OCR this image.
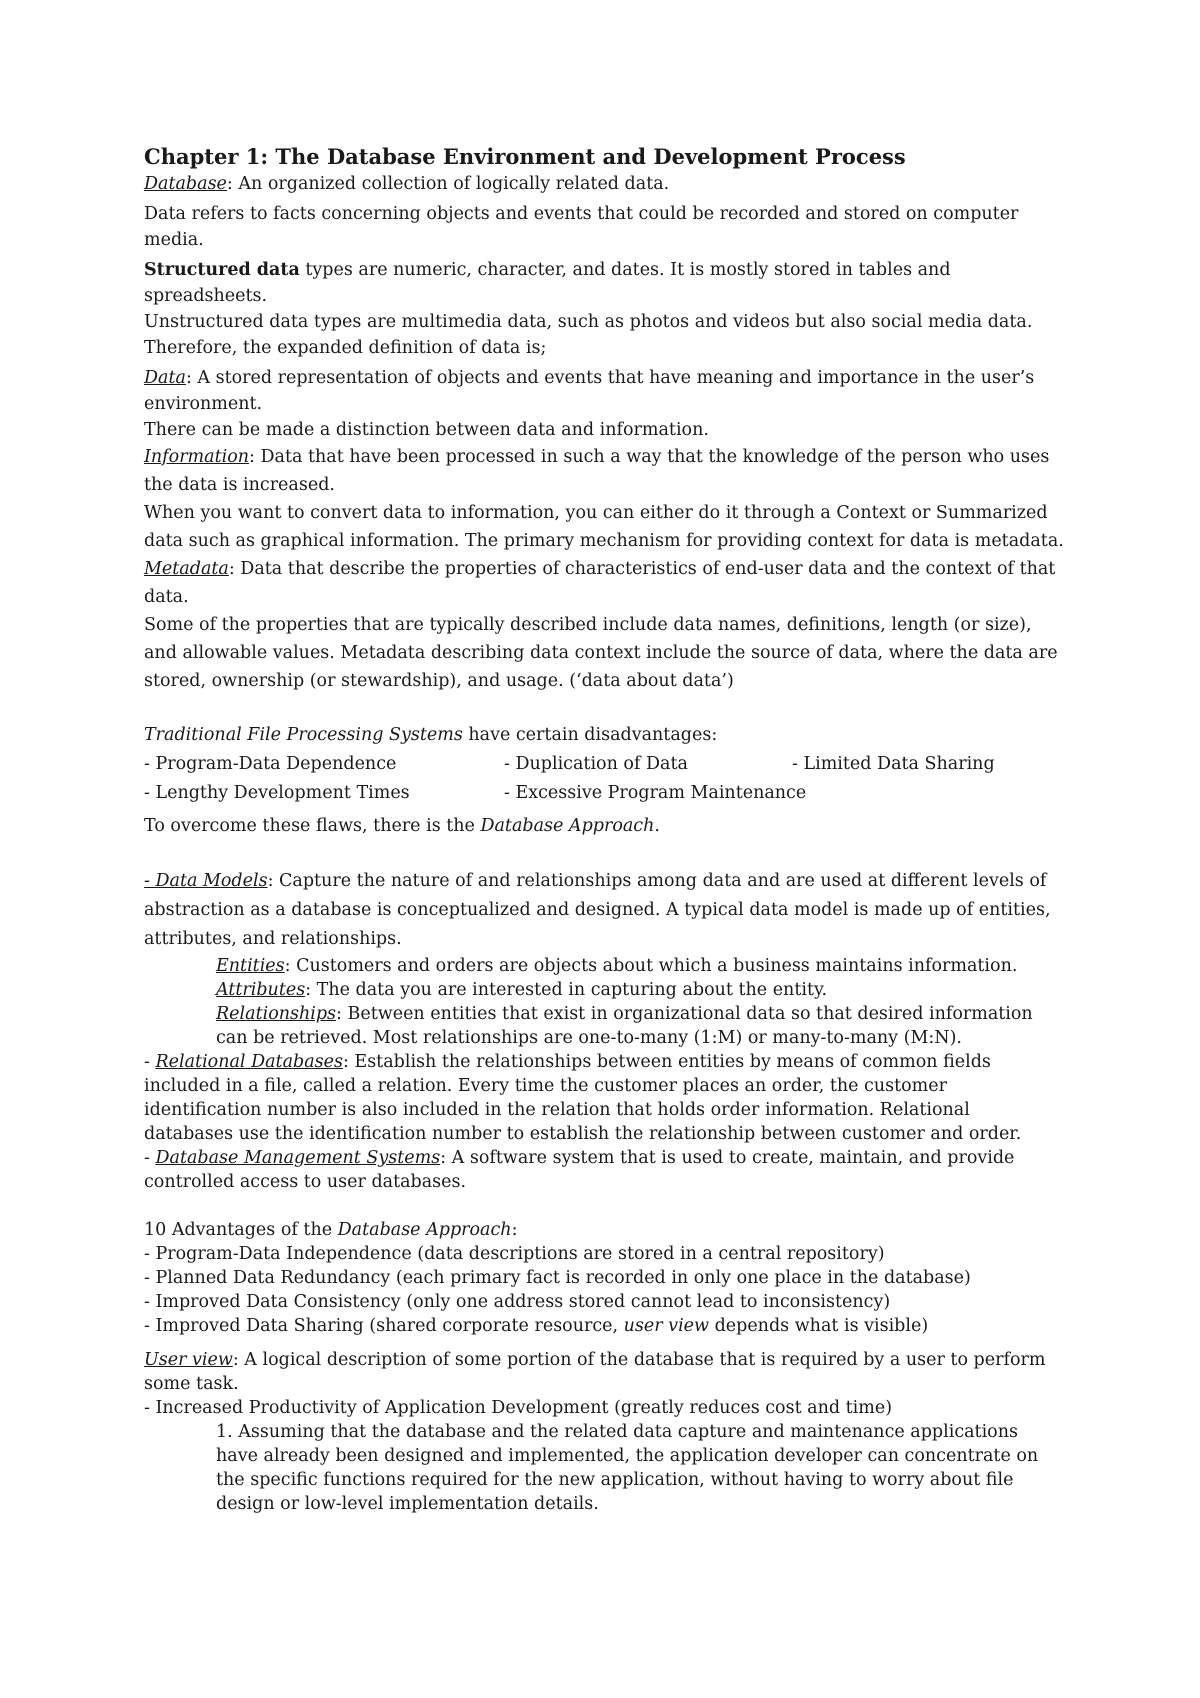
Chapter 1: The Database Environment and Development Process

Database: An organized collection of logically related data.

Data refers to facts concerning objects and events that could be recorded and stored on computer media.

Structured data types are numeric, character, and dates. It is mostly stored in tables and spreadsheets.

Unstructured data types are multimedia data, such as photos and videos but also social media data.

Therefore, the expanded definition of data is;

Data: A stored representation of objects and events that have meaning and importance in the user’s environment.

There can be made a distinction between data and information.

Information: Data that have been processed in such a way that the knowledge of the person who uses the data is increased.

When you want to convert data to information, you can either do it through a Context or Summarized data such as graphical information. The primary mechanism for providing context for data is metadata.

Metadata: Data that describe the properties of characteristics of end-user data and the context of that data.

Some of the properties that are typically described include data names, definitions, length (or size), and allowable values. Metadata describing data context include the source of data, where the data are stored, ownership (or stewardship), and usage. (‘data about data’)

Traditional File Processing Systems have certain disadvantages:

- Program-Data Dependence	- Duplication of Data	- Limited Data Sharing
- Lengthy Development Times	- Excessive Program Maintenance

To overcome these flaws, there is the Database Approach.

- Data Models: Capture the nature of and relationships among data and are used at different levels of abstraction as a database is conceptualized and designed. A typical data model is made up of entities, attributes, and relationships.

Entities: Customers and orders are objects about which a business maintains information.

Attributes: The data you are interested in capturing about the entity.

Relationships: Between entities that exist in organizational data so that desired information can be retrieved. Most relationships are one-to-many (1:M) or many-to-many (M:N).

- Relational Databases: Establish the relationships between entities by means of common fields included in a file, called a relation. Every time the customer places an order, the customer identification number is also included in the relation that holds order information. Relational databases use the identification number to establish the relationship between customer and order.

- Database Management Systems: A software system that is used to create, maintain, and provide controlled access to user databases.

10 Advantages of the Database Approach:

- Program-Data Independence (data descriptions are stored in a central repository)

- Planned Data Redundancy (each primary fact is recorded in only one place in the database)

- Improved Data Consistency (only one address stored cannot lead to inconsistency)

- Improved Data Sharing (shared corporate resource, user view depends what is visible)

User view: A logical description of some portion of the database that is required by a user to perform some task.

- Increased Productivity of Application Development (greatly reduces cost and time)

1. Assuming that the database and the related data capture and maintenance applications have already been designed and implemented, the application developer can concentrate on the specific functions required for the new application, without having to worry about file design or low-level implementation details.
